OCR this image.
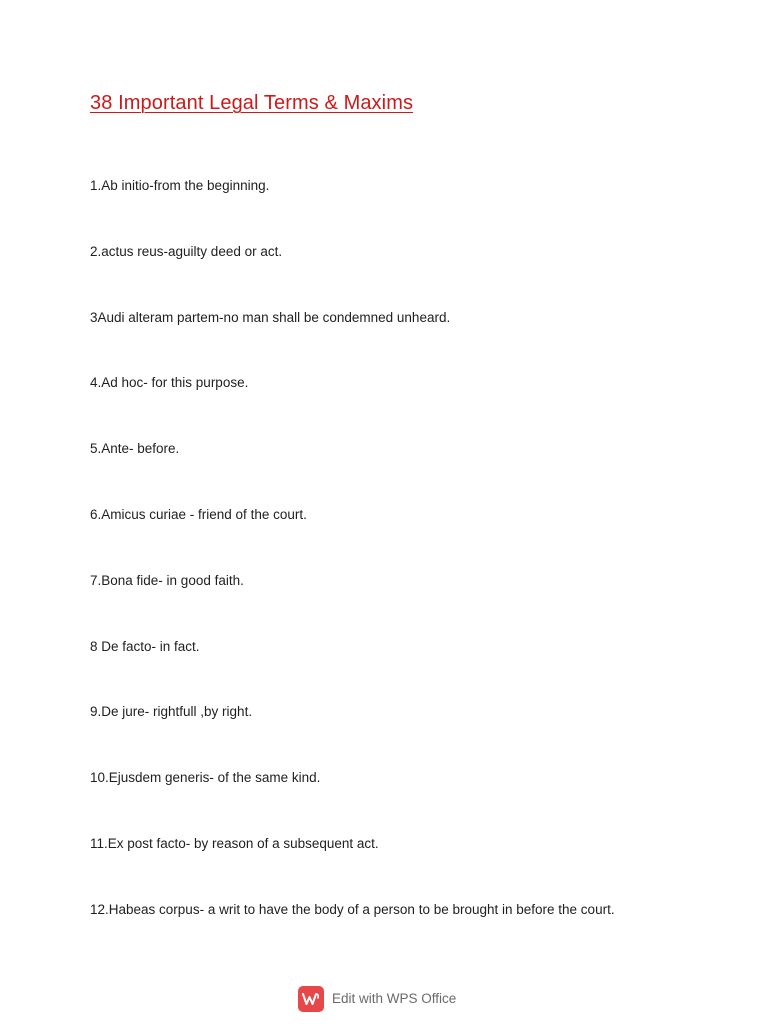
38 Important Legal Terms & Maxims
1.Ab initio-from the beginning.
2.actus reus-aguilty deed or act.
3Audi alteram partem-no man shall be condemned unheard.
4.Ad hoc- for this purpose.
5.Ante- before.
6.Amicus curiae - friend of the court.
7.Bona fide- in good faith.
8 De facto- in fact.
9.De jure- rightfull ,by right.
10.Ejusdem generis- of the same kind.
11.Ex post facto- by reason of a subsequent act.
12.Habeas corpus- a writ to have the body of a person to be brought in before the court.
Edit with WPS Office
